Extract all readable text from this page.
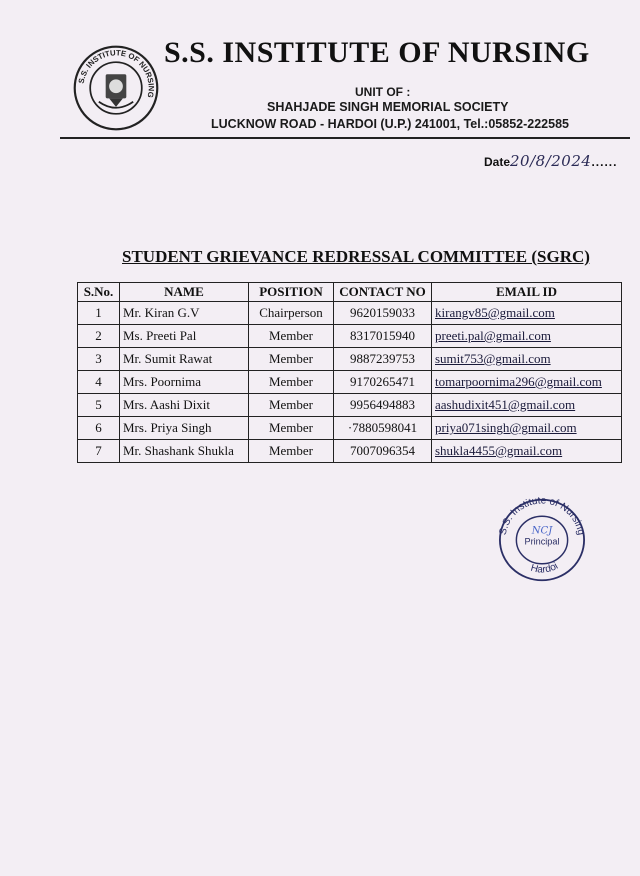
S.S. INSTITUTE OF NURSING
S.S. INSTITUTE OF NURSING
UNIT OF :
SHAHJADE SINGH MEMORIAL SOCIETY
LUCKNOW ROAD - HARDOI (U.P.) 241001, Tel.:05852-222585
Date20/8/2024......
STUDENT GRIEVANCE REDRESSAL COMMITTEE (SGRC)
S.No.	NAME	POSITION	CONTACT NO	EMAIL ID
1	Mr. Kiran G.V	Chairperson	9620159033	kirangv85@gmail.com
2	Ms. Preeti Pal	Member	8317015940	preeti.pal@gmail.com
3	Mr. Sumit Rawat	Member	9887239753	sumit753@gmail.com
4	Mrs. Poornima	Member	9170265471	tomarpoornima296@gmail.com
5	Mrs. Aashi Dixit	Member	9956494883	aashudixit451@gmail.com
6	Mrs. Priya Singh	Member	·7880598041	priya071singh@gmail.com
7	Mr. Shashank Shukla	Member	7007096354	shukla4455@gmail.com
S.S. Institute of Nursing
Hardoi
NCJ
Principal
